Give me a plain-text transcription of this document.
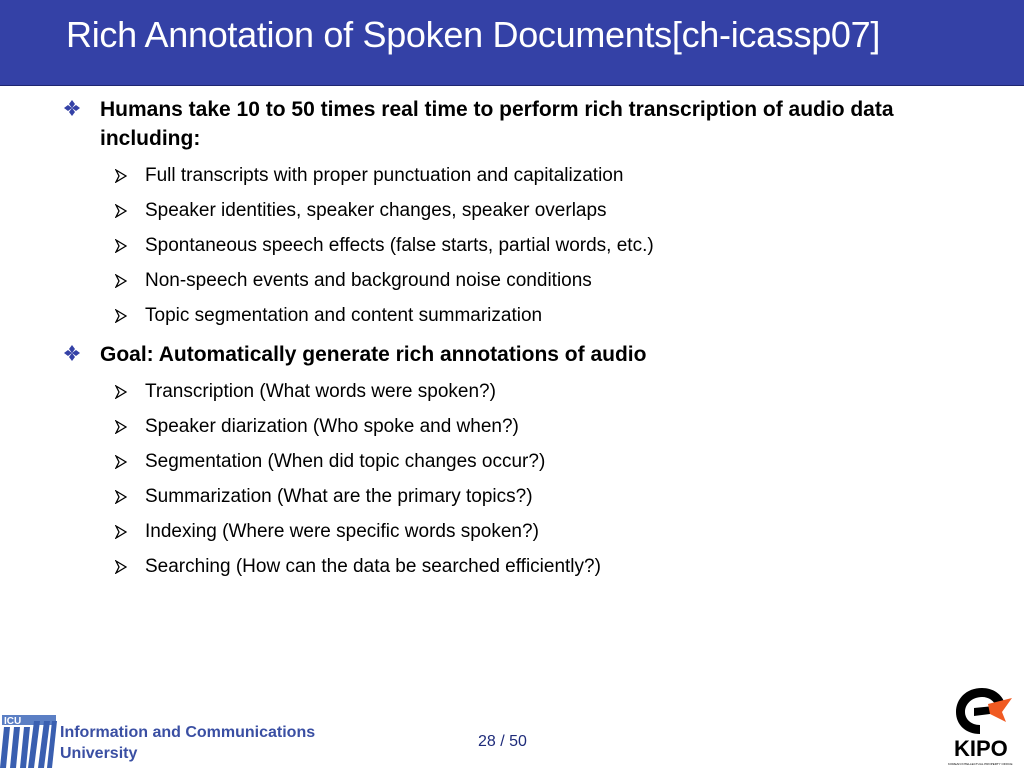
Rich Annotation of Spoken Documents[ch-icassp07]
Humans take 10 to 50 times real time to perform rich transcription of audio data including:
Full transcripts with proper punctuation and capitalization
Speaker identities, speaker changes, speaker overlaps
Spontaneous speech effects (false starts, partial words, etc.)
Non-speech events and background noise conditions
Topic segmentation and content summarization
Goal: Automatically generate rich annotations of audio
Transcription (What words were spoken?)
Speaker diarization (Who spoke and when?)
Segmentation (When did topic changes occur?)
Summarization (What are the primary topics?)
Indexing (Where were specific words spoken?)
Searching (How can the data be searched efficiently?)
ICU
Information and Communications University
28 / 50	KIPO
KOREAN INTELLECTUAL PROPERTY OFFICE
